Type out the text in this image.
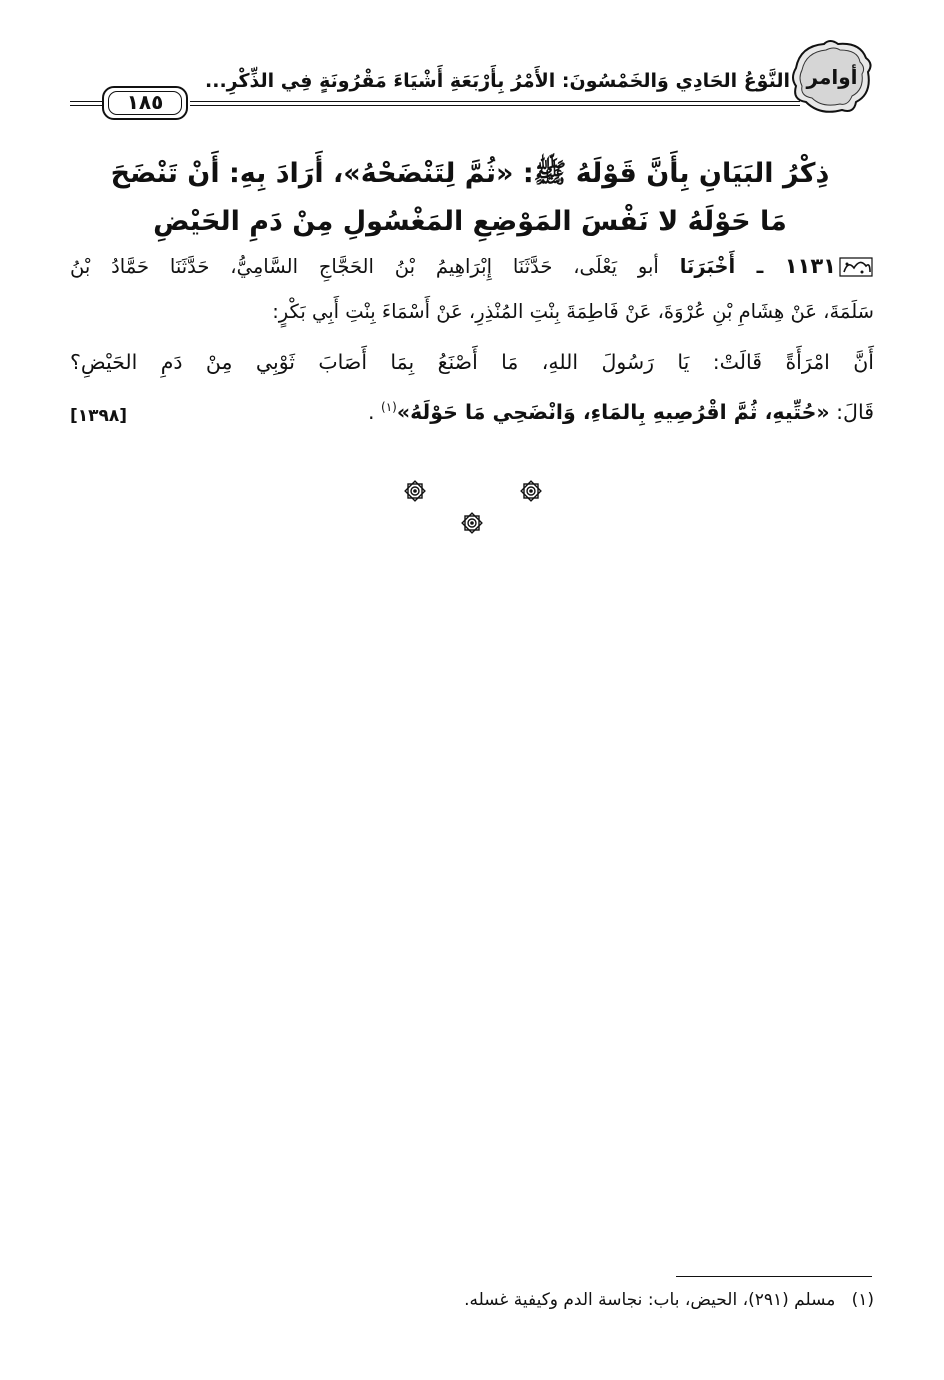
أوامر
النَّوْعُ الحَادِي وَالخَمْسُونَ: الأَمْرُ بِأَرْبَعَةِ أَشْيَاءَ مَقْرُونَةٍ فِي الذِّكْرِ...
١٨٥
ذِكْرُ البَيَانِ بِأَنَّ قَوْلَهُ ﷺ: «ثُمَّ لِتَنْضَحْهُ»، أَرَادَ بِهِ: أَنْ تَنْضَحَ
مَا حَوْلَهُ لا نَفْسَ المَوْضِعِ المَغْسُولِ مِنْ دَمِ الحَيْضِ
١١٣١ ـ أَخْبَرَنَا أبو يَعْلَى، حَدَّثَنَا إِبْرَاهِيمُ بْنُ الحَجَّاجِ السَّامِيُّ، حَدَّثَنَا حَمَّادُ بْنُ
سَلَمَةَ، عَنْ هِشَامِ بْنِ عُرْوَةَ، عَنْ فَاطِمَةَ بِنْتِ المُنْذِرِ، عَنْ أَسْمَاءَ بِنْتِ أَبِي بَكْرٍ:
أَنَّ امْرَأَةً قَالَتْ: يَا رَسُولَ اللهِ، مَا أَصْنَعُ بِمَا أَصَابَ ثَوْبِي مِنْ دَمِ الحَيْضِ؟
قَالَ: «حُتِّيهِ، ثُمَّ اقْرُصِيهِ بِالمَاءِ، وَانْضَحِي مَا حَوْلَهُ»$^{(١)}$ .
[١٣٩٨]
(١)   مسلم (٢٩١)، الحيض، باب: نجاسة الدم وكيفية غسله.
